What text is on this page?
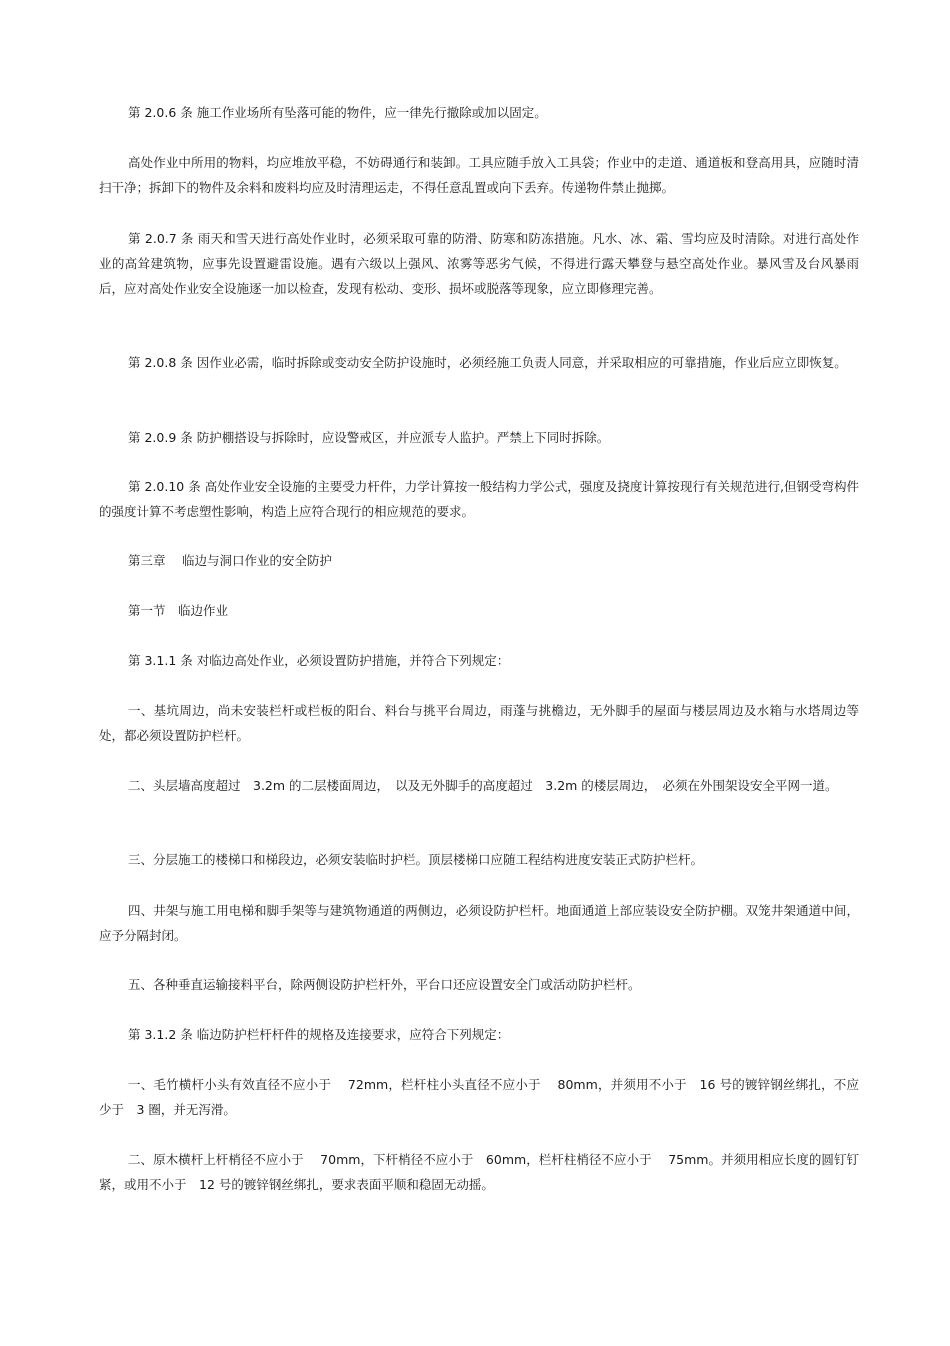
第 2.0.6 条 施工作业场所有坠落可能的物件，应一律先行撤除或加以固定。
高处作业中所用的物料，均应堆放平稳，不妨碍通行和装卸。工具应随手放入工具袋；作业中的走道、通道板和登高用具，应随时清扫干净；拆卸下的物件及余料和废料均应及时清理运走，不得任意乱置或向下丢弃。传递物件禁止抛掷。
第 2.0.7 条 雨天和雪天进行高处作业时，必须采取可靠的防滑、防寒和防冻措施。凡水、冰、霜、雪均应及时清除。对进行高处作业的高耸建筑物，应事先设置避雷设施。遇有六级以上强风、浓雾等恶劣气候，不得进行露天攀登与悬空高处作业。暴风雪及台风暴雨后，应对高处作业安全设施逐一加以检查，发现有松动、变形、损坏或脱落等现象，应立即修理完善。
第 2.0.8 条 因作业必需，临时拆除或变动安全防护设施时，必须经施工负责人同意，并采取相应的可靠措施，作业后应立即恢复。
第 2.0.9 条 防护棚搭设与拆除时，应设警戒区，并应派专人监护。严禁上下同时拆除。
第 2.0.10 条 高处作业安全设施的主要受力杆件，力学计算按一般结构力学公式，强度及挠度计算按现行有关规范进行,但钢受弯构件的强度计算不考虑塑性影响，构造上应符合现行的相应规范的要求。
第三章　 临边与洞口作业的安全防护
第一节　临边作业
第 3.1.1 条 对临边高处作业，必须设置防护措施，并符合下列规定：
一、基坑周边，尚未安装栏杆或栏板的阳台、料台与挑平台周边，雨蓬与挑檐边，无外脚手的屋面与楼层周边及水箱与水塔周边等处，都必须设置防护栏杆。
二、头层墙高度超过　3.2m 的二层楼面周边，　以及无外脚手的高度超过　3.2m 的楼层周边，　必须在外围架设安全平网一道。
三、分层施工的楼梯口和梯段边，必须安装临时护栏。顶层楼梯口应随工程结构进度安装正式防护栏杆。
四、井架与施工用电梯和脚手架等与建筑物通道的两侧边，必须设防护栏杆。地面通道上部应装设安全防护棚。双笼井架通道中间，应予分隔封闭。
五、各种垂直运输接料平台，除两侧设防护栏杆外，平台口还应设置安全门或活动防护栏杆。
第 3.1.2 条 临边防护栏杆杆件的规格及连接要求，应符合下列规定：
一、毛竹横杆小头有效直径不应小于　 72mm，栏杆柱小头直径不应小于　 80mm，并须用不小于　16 号的镀锌钢丝绑扎，不应少于　3 圈，并无泻滑。
二、原木横杆上杆梢径不应小于　 70mm，下杆梢径不应小于　60mm，栏杆柱梢径不应小于　 75mm。并须用相应长度的圆钉钉紧，或用不小于　12 号的镀锌钢丝绑扎，要求表面平顺和稳固无动摇。
